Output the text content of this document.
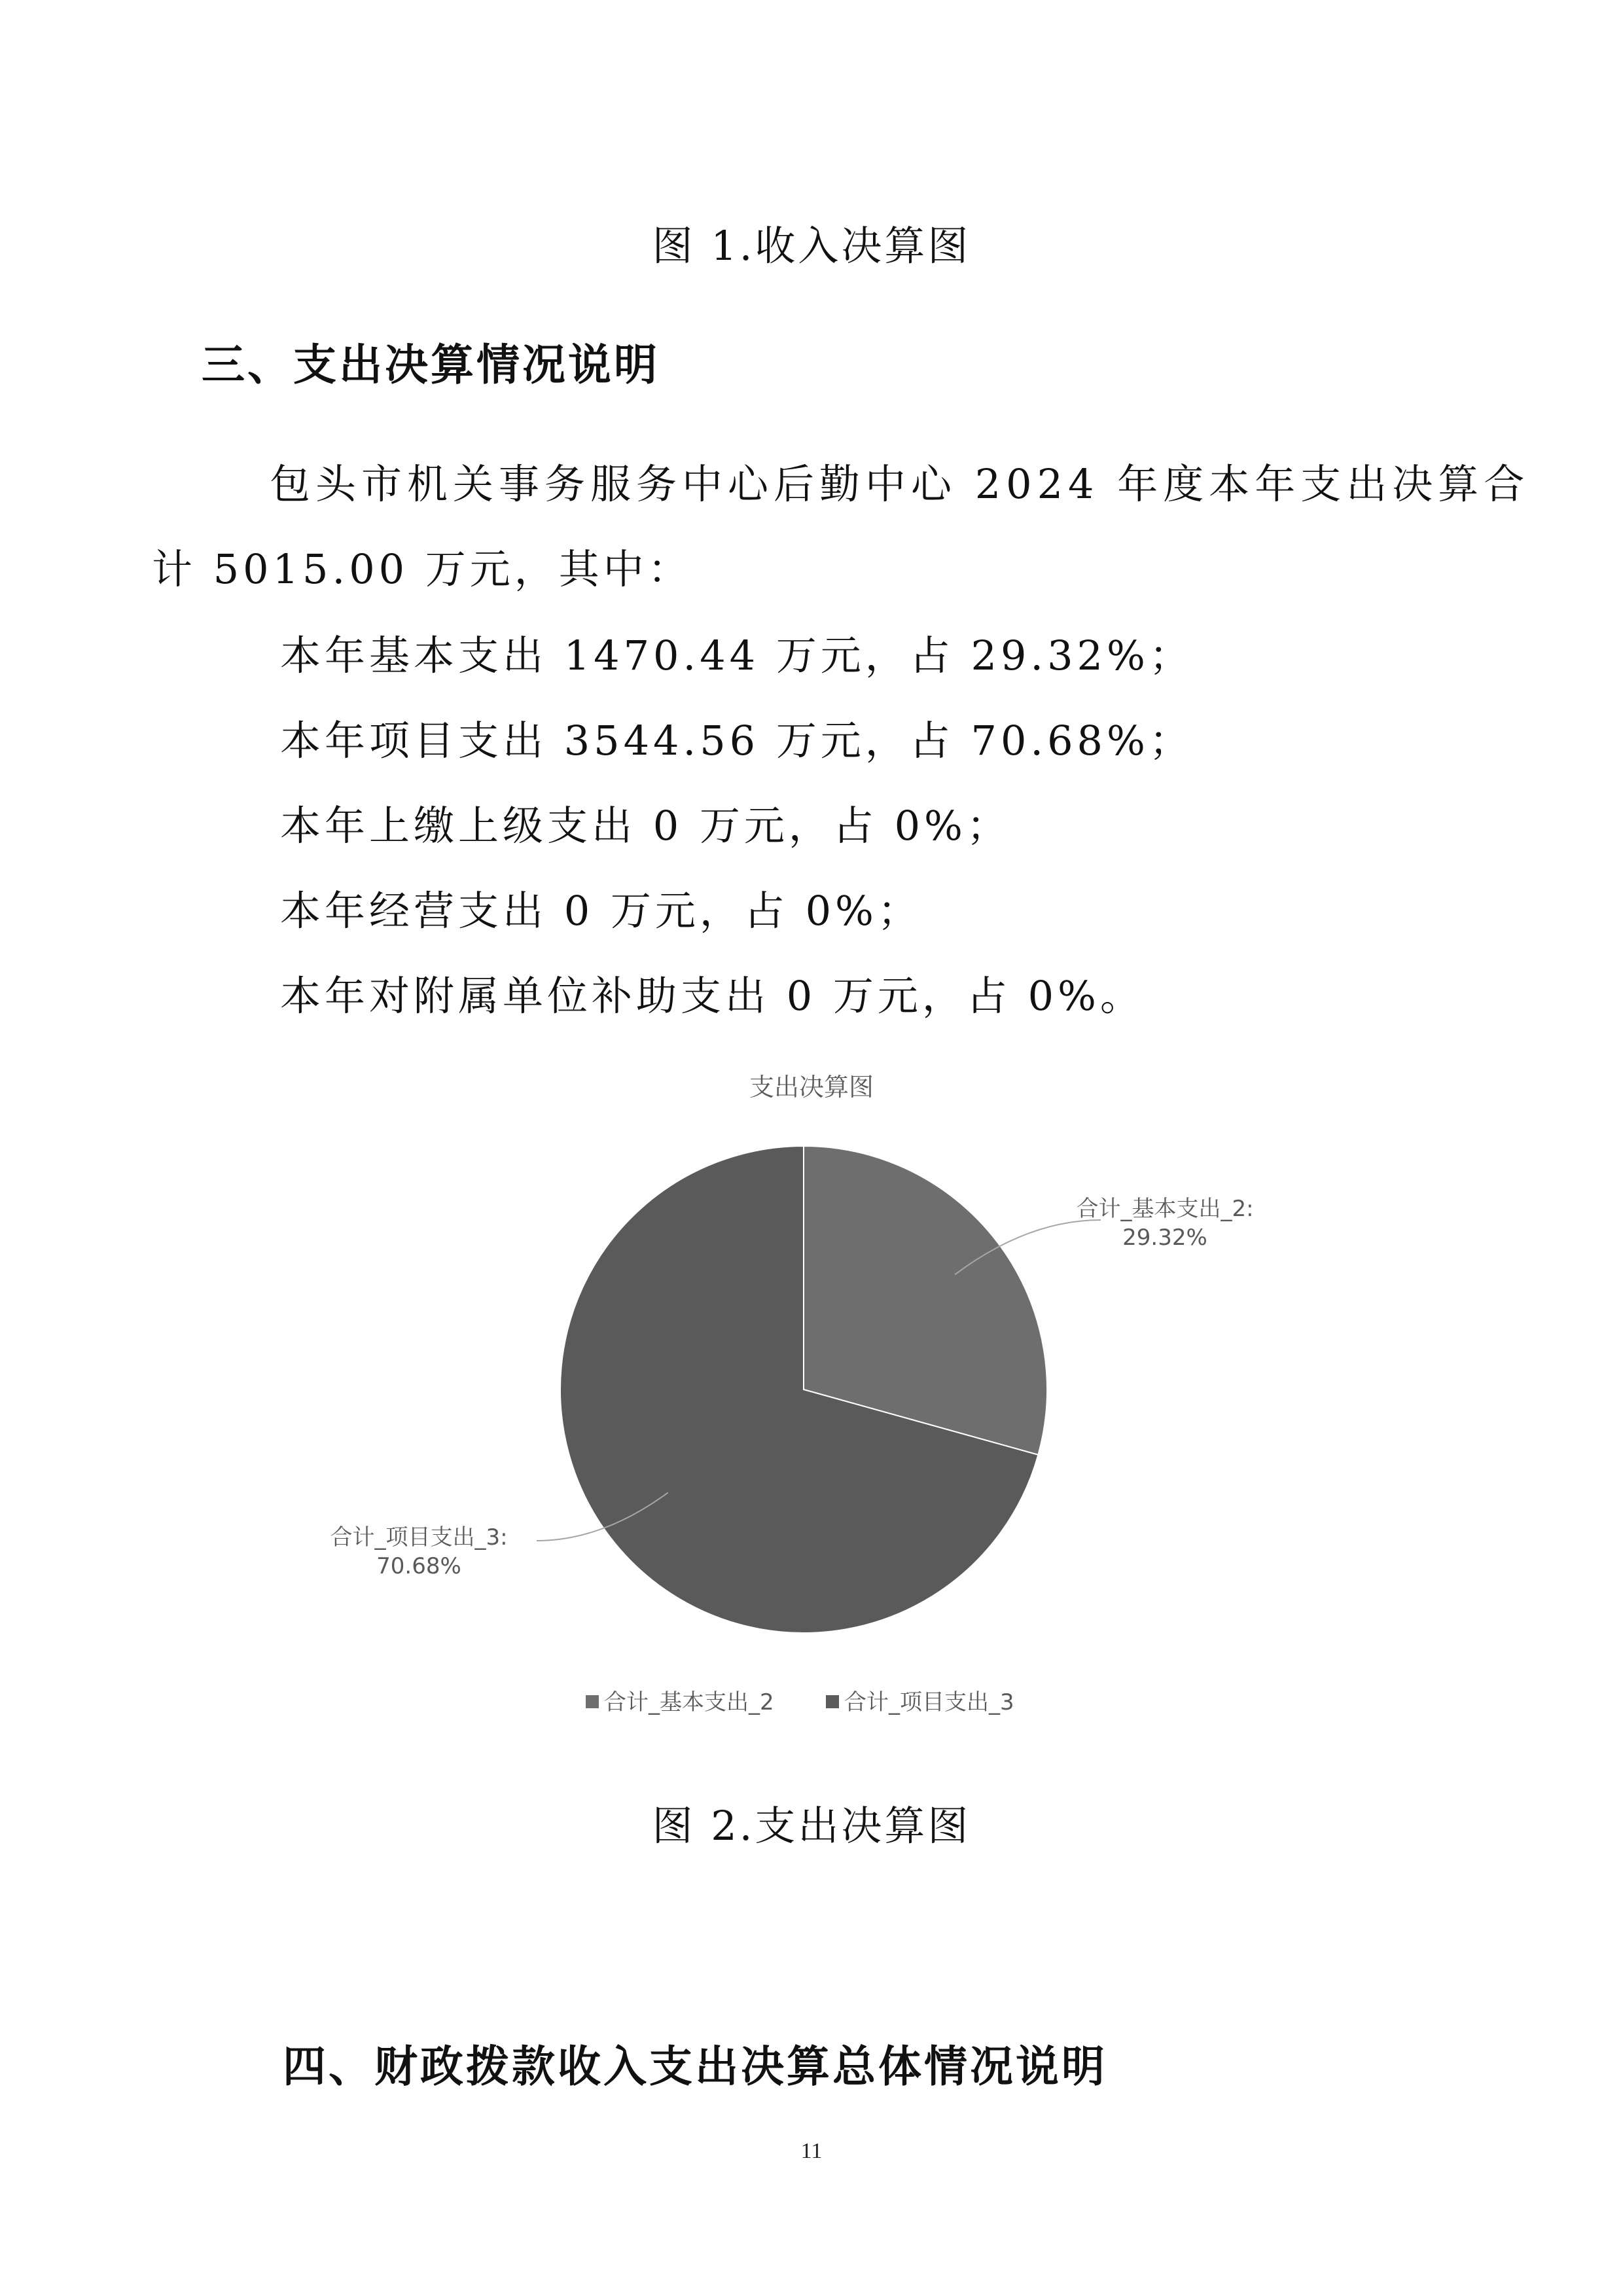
图 1.收入决算图
三、支出决算情况说明
包头市机关事务服务中心后勤中心 2024 年度本年支出决算合
计 5015.00 万元，其中：
本年基本支出 1470.44 万元，占 29.32%；
本年项目支出 3544.56 万元，占 70.68%；
本年上缴上级支出 0 万元，占 0%；
本年经营支出 0 万元，占 0%；
本年对附属单位补助支出 0 万元，占 0%。
支出决算图
合计_基本支出_2:
29.32%
合计_项目支出_3:
70.68%
合计_基本支出_2	合计_项目支出_3
图 2.支出决算图
四、财政拨款收入支出决算总体情况说明
11
